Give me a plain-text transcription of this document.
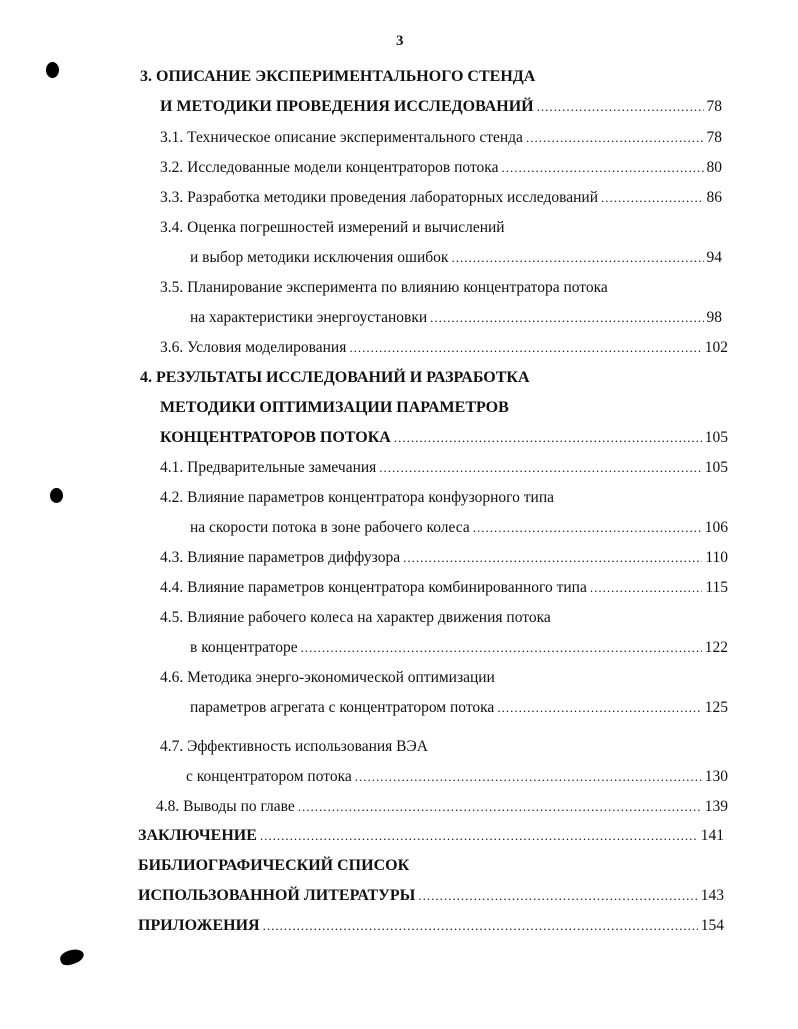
3
3. ОПИСАНИЕ ЭКСПЕРИМЕНТАЛЬНОГО СТЕНДА
И МЕТОДИКИ ПРОВЕДЕНИЯ ИССЛЕДОВАНИЙ .....	78
3.1. Техническое описание экспериментального стенда .....	78
3.2. Исследованные модели концентраторов потока .....	80
3.3. Разработка методики проведения лабораторных исследований .....	86
3.4. Оценка погрешностей измерений и вычислений
и выбор методики исключения ошибок .....	94
3.5. Планирование эксперимента по влиянию концентратора потока
на характеристики энергоустановки .....	98
3.6. Условия моделирования .....	102
4. РЕЗУЛЬТАТЫ ИССЛЕДОВАНИЙ И РАЗРАБОТКА
МЕТОДИКИ ОПТИМИЗАЦИИ ПАРАМЕТРОВ
КОНЦЕНТРАТОРОВ ПОТОКА .....	105
4.1. Предварительные замечания .....	105
4.2. Влияние параметров концентратора конфузорного типа
на скорости потока в зоне рабочего колеса .....	106
4.3. Влияние параметров диффузора .....	110
4.4. Влияние параметров концентратора комбинированного типа .....	115
4.5. Влияние рабочего колеса на характер движения потока
в концентраторе .....	122
4.6. Методика энерго-экономической оптимизации
параметров агрегата с концентратором потока .....	125
4.7. Эффективность использования ВЭА
с концентратором потока .....	130
4.8. Выводы по главе .....	139
ЗАКЛЮЧЕНИЕ .....	141
БИБЛИОГРАФИЧЕСКИЙ СПИСОК
ИСПОЛЬЗОВАННОЙ ЛИТЕРАТУРЫ .....	143
ПРИЛОЖЕНИЯ .....	154
